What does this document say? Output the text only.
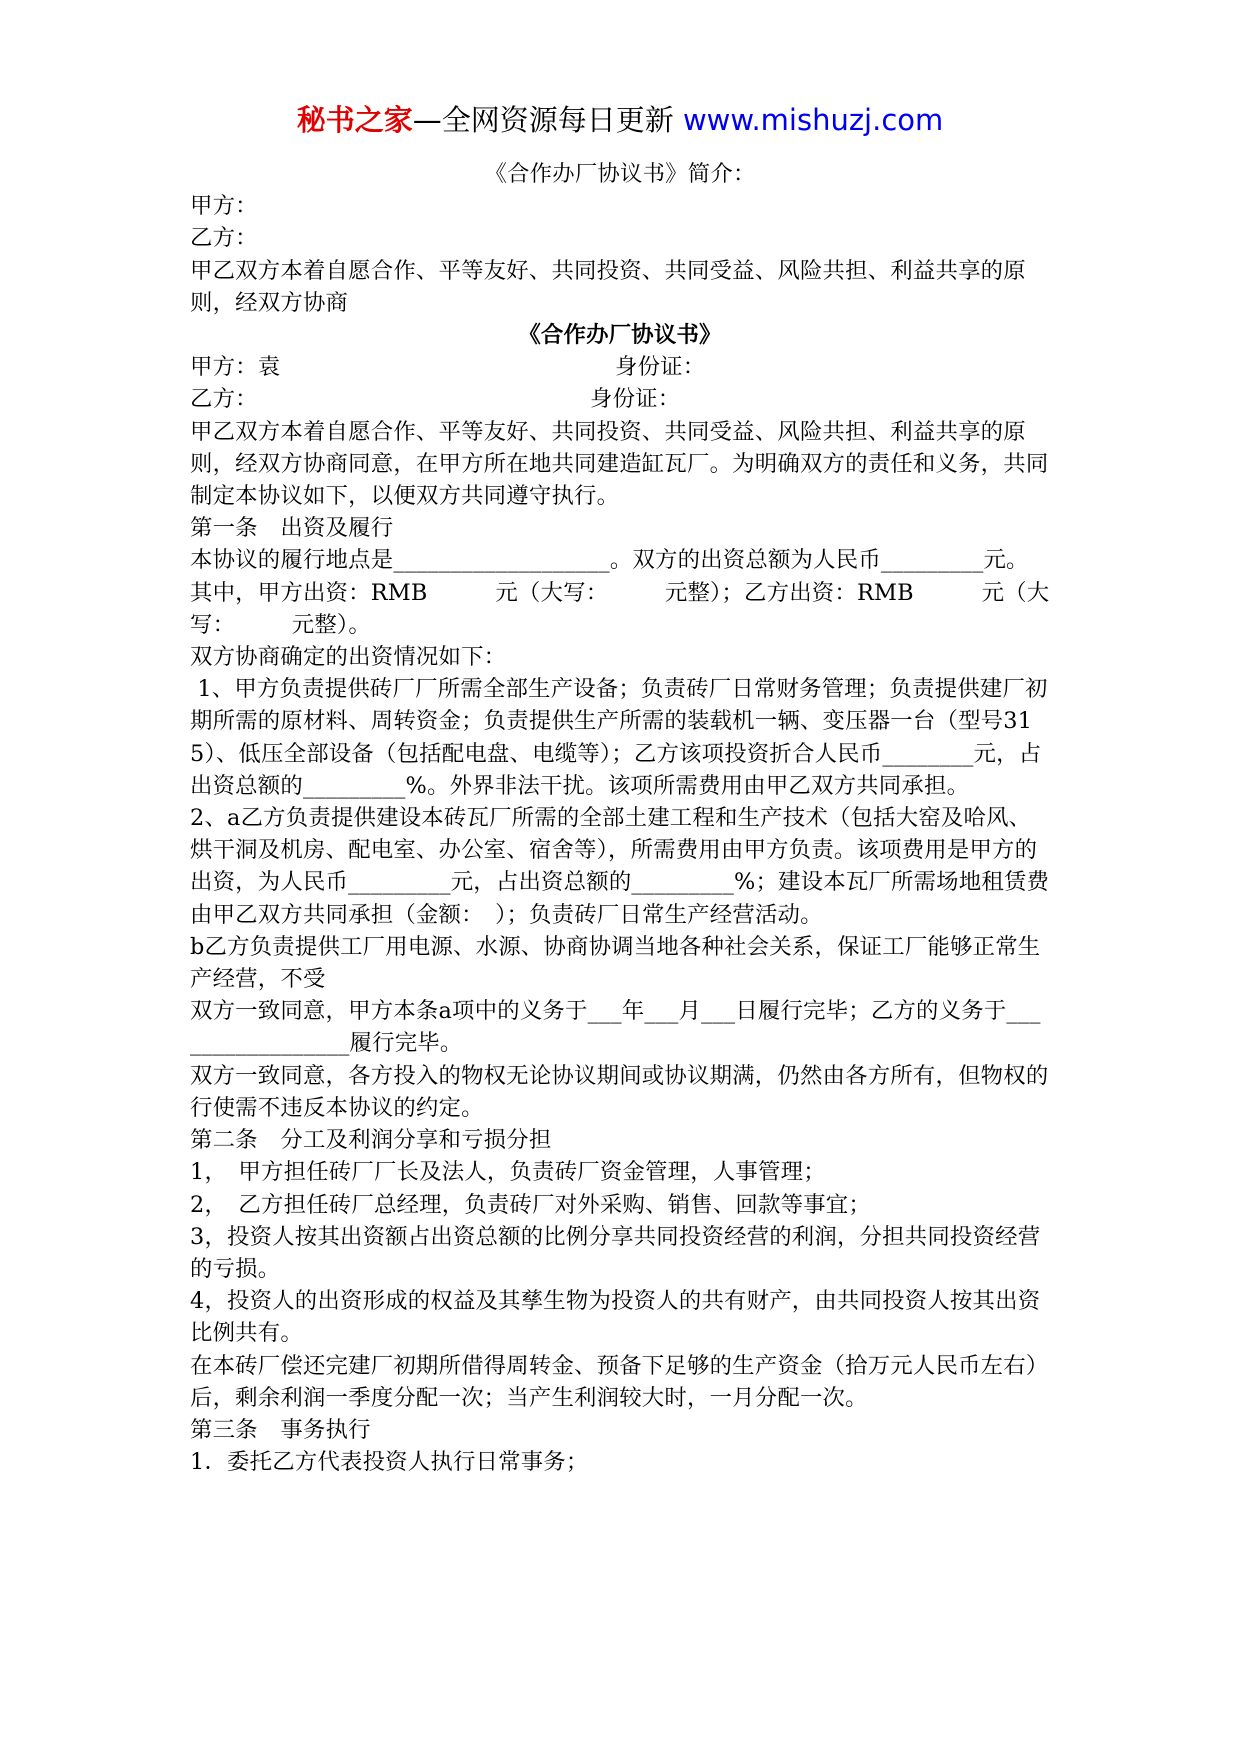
秘书之家—全网资源每日更新 www.mishuzj.com

《合作办厂协议书》简介：

甲方：

乙方：

甲乙双方本着自愿合作、平等友好、共同投资、共同受益、风险共担、利益共享的原则，经双方协商

《合作办厂协议书》

甲方：袁	身份证：
乙方：	身份证：

甲乙双方本着自愿合作、平等友好、共同投资、共同受益、风险共担、利益共享的原则，经双方协商同意，在甲方所在地共同建造缸瓦厂。为明确双方的责任和义务，共同制定本协议如下，以便双方共同遵守执行。

第一条　出资及履行

本协议的履行地点是___________________。双方的出资总额为人民币_________元。其中，甲方出资：RMB　　　元（大写：　　　元整）；乙方出资：RMB　　　元（大写：　　　元整）。

双方协商确定的出资情况如下：

1、甲方负责提供砖厂厂所需全部生产设备；负责砖厂日常财务管理；负责提供建厂初期所需的原材料、周转资金；负责提供生产所需的装载机一辆、变压器一台（型号315）、低压全部设备（包括配电盘、电缆等）；乙方该项投资折合人民币________元，占出资总额的_________%。外界非法干扰。该项所需费用由甲乙双方共同承担。

2、a乙方负责提供建设本砖瓦厂所需的全部土建工程和生产技术（包括大窑及哈风、烘干洞及机房、配电室、办公室、宿舍等），所需费用由甲方负责。该项费用是甲方的出资，为人民币_________元，占出资总额的_________%；建设本瓦厂所需场地租赁费由甲乙双方共同承担（金额：　）；负责砖厂日常生产经营活动。

b乙方负责提供工厂用电源、水源、协商协调当地各种社会关系，保证工厂能够正常生产经营，不受

双方一致同意，甲方本条a项中的义务于___年___月___日履行完毕；乙方的义务于_________________履行完毕。

双方一致同意，各方投入的物权无论协议期间或协议期满，仍然由各方所有，但物权的行使需不违反本协议的约定。

第二条　分工及利润分享和亏损分担

1，　甲方担任砖厂厂长及法人，负责砖厂资金管理，人事管理；

2，　乙方担任砖厂总经理，负责砖厂对外采购、销售、回款等事宜；

3，投资人按其出资额占出资总额的比例分享共同投资经营的利润，分担共同投资经营的亏损。

4，投资人的出资形成的权益及其孳生物为投资人的共有财产，由共同投资人按其出资比例共有。

在本砖厂偿还完建厂初期所借得周转金、预备下足够的生产资金（拾万元人民币左右）后，剩余利润一季度分配一次；当产生利润较大时，一月分配一次。

第三条　事务执行

1．委托乙方代表投资人执行日常事务；
